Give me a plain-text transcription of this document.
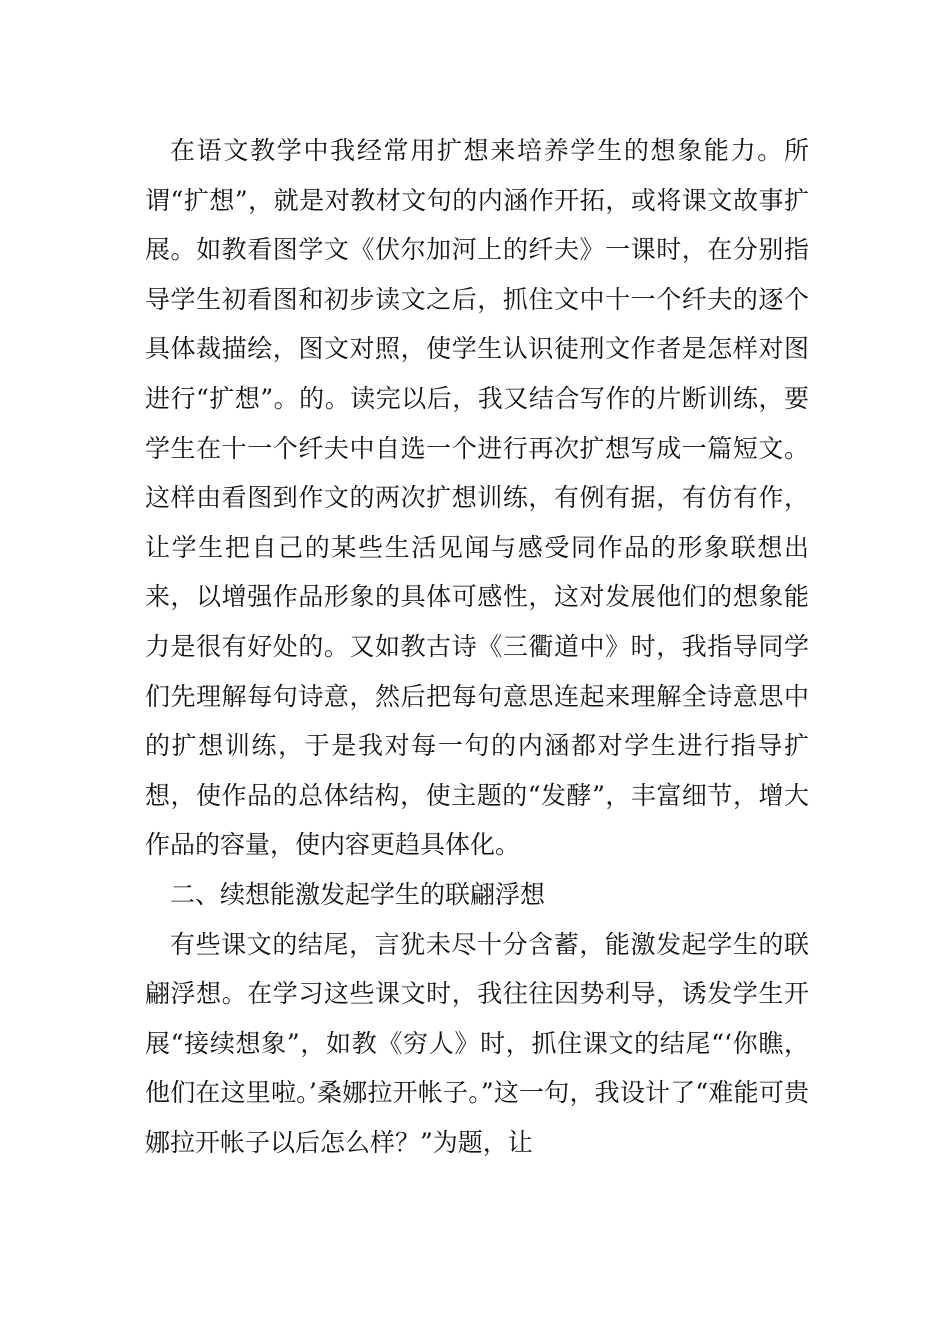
在语文教学中我经常用扩想来培养学生的想象能力。所谓“扩想”，就是对教材文句的内涵作开拓，或将课文故事扩展。如教看图学文《伏尔加河上的纤夫》一课时，在分别指导学生初看图和初步读文之后，抓住文中十一个纤夫的逐个具体裁描绘，图文对照，使学生认识徒刑文作者是怎样对图进行“扩想”。的。读完以后，我又结合写作的片断训练，要学生在十一个纤夫中自选一个进行再次扩想写成一篇短文。这样由看图到作文的两次扩想训练，有例有据，有仿有作，让学生把自己的某些生活见闻与感受同作品的形象联想出来，以增强作品形象的具体可感性，这对发展他们的想象能力是很有好处的。又如教古诗《三衢道中》时，我指导同学们先理解每句诗意，然后把每句意思连起来理解全诗意思中的扩想训练，于是我对每一句的内涵都对学生进行指导扩想，使作品的总体结构，使主题的“发酵”，丰富细节，增大作品的容量，使内容更趋具体化。

二、续想能激发起学生的联翩浮想

有些课文的结尾，言犹未尽十分含蓄，能激发起学生的联翩浮想。在学习这些课文时，我往往因势利导，诱发学生开展“接续想象”，如教《穷人》时，抓住课文的结尾“‘你瞧，他们在这里啦。’桑娜拉开帐子。”这一句，我设计了“难能可贵娜拉开帐子以后怎么样？”为题，让
